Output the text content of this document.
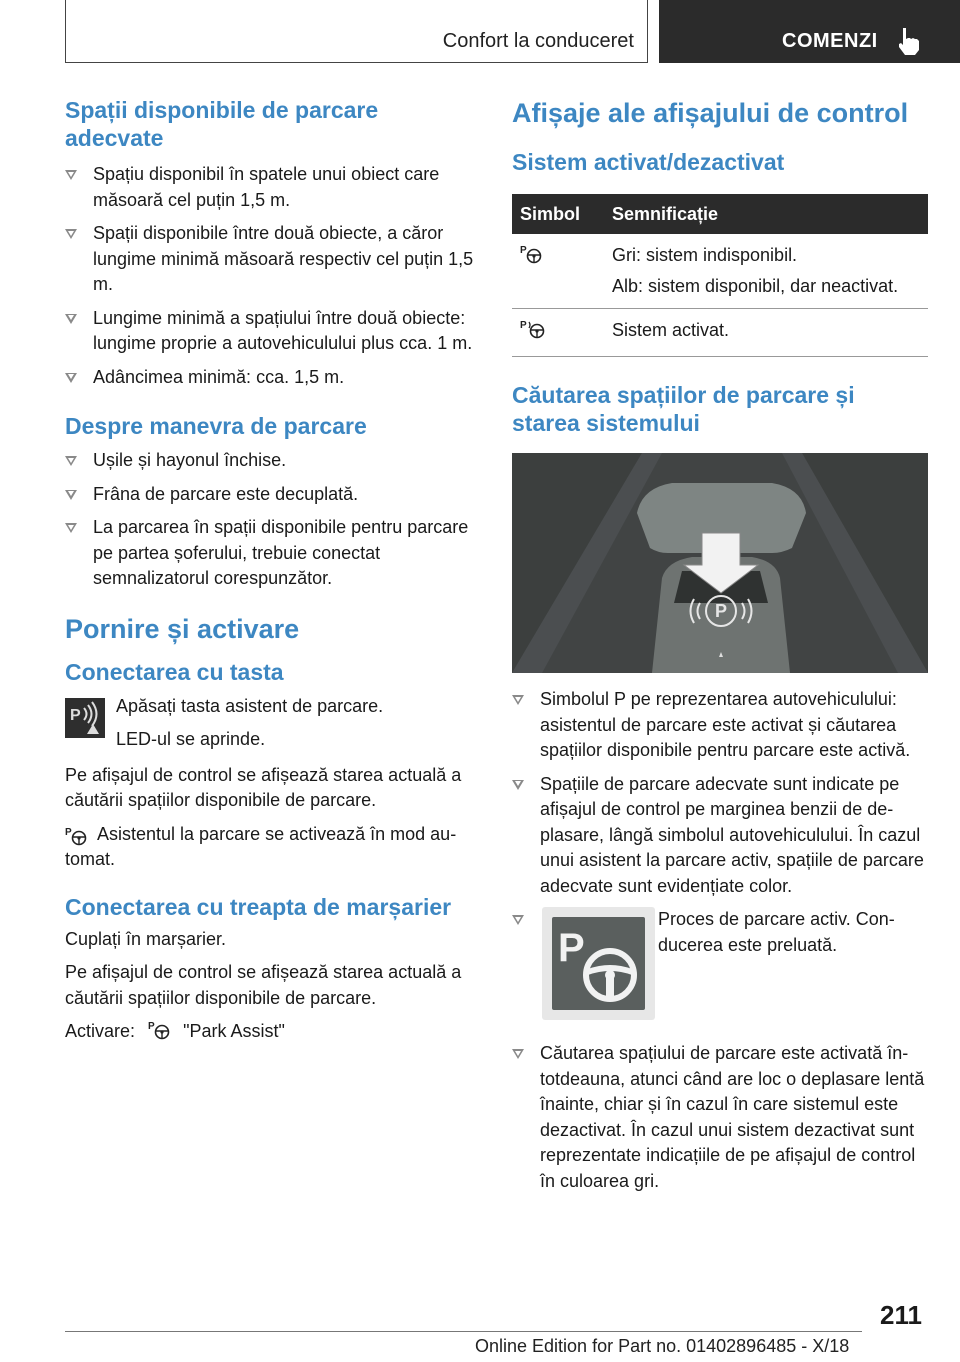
Confort la conduceret	COMENZI
Spații disponibile de parcare adecvate
Spațiu disponibil în spatele unui obiect care măsoară cel puțin 1,5 m.
Spații disponibile între două obiecte, a căror lungime minimă măsoară respectiv cel puțin 1,5 m.
Lungime minimă a spațiului între două obiecte: lungime proprie a autovehiculului plus cca. 1 m.
Adâncimea minimă: cca. 1,5 m.
Despre manevra de parcare
Ușile și hayonul închise.
Frâna de parcare este decuplată.
La parcarea în spații disponibile pentru parcare pe partea șoferului, trebuie conectat semnalizatorul corespunzător.
Pornire și activare
Conectarea cu tasta
P Apăsați tasta asistent de parcare.

LED-ul se aprinde.

Pe afișajul de control se afișează starea actuală a căutării spațiilor disponibile de parcare.

P Asistentul la parcare se activează în mod automat.

Conectarea cu treapta de marșarier

Cuplați în marșarier.

Pe afișajul de control se afișează starea actuală a căutării spațiilor disponibile de parcare.

Activare: P "Park Assist"

Afișaje ale afișajului de control
Sistem activat/dezactivat
Simbol	Semnificație

P	Gri: sistem indisponibil.
Alb: sistem disponibil, dar neactivat.

P	Sistem activat.
Căutarea spațiilor de parcare și starea sistemului
P
Simbolul P pe reprezentarea autovehiculului: asistentul de parcare este activat și căutarea spațiilor disponibile pentru parcare este activă.
Spațiile de parcare adecvate sunt indicate pe afișajul de control pe marginea benzii de deplasare, lângă simbolul autovehiculului. În cazul unui asistent la parcare activ, spațiile de parcare adecvate sunt evidențiate color.
P
Proces de parcare activ. Conducerea este preluată.
Căutarea spațiului de parcare este activată întotdeauna, atunci când are loc o deplasare lentă înainte, chiar și în cazul în care sistemul este dezactivat. În cazul unui sistem dezactivat sunt reprezentate indicațiile de pe afișajul de control în culoarea gri.
211
Online Edition for Part no. 01402896485 - X/18
